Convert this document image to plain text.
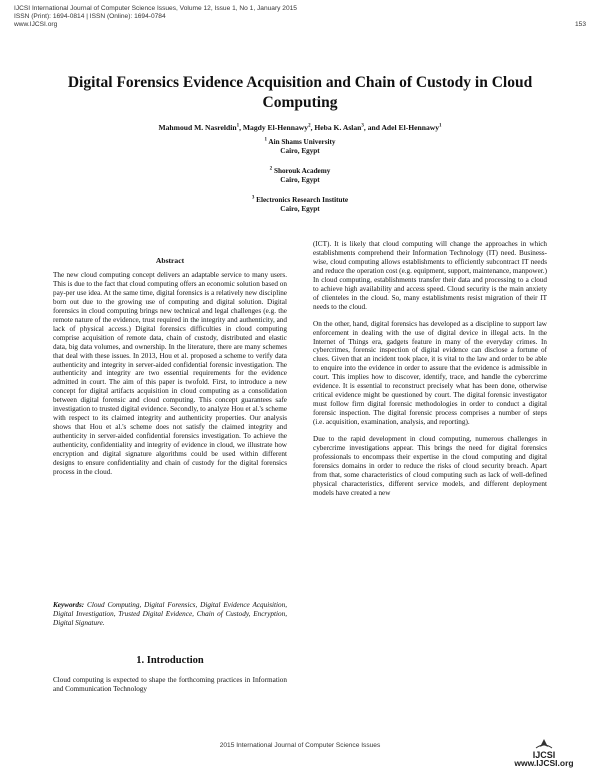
IJCSI International Journal of Computer Science Issues, Volume 12, Issue 1, No 1, January 2015
ISSN (Print): 1694-0814 | ISSN (Online): 1694-0784
www.IJCSI.org	153
Digital Forensics Evidence Acquisition and Chain of Custody in Cloud Computing
Mahmoud M. Nasreldin$^1$, Magdy El-Hennawy$^2$, Heba K. Aslan$^3$, and Adel El-Hennawy$^1$
$^1$ Ain Shams University
Cairo, Egypt
$^2$ Shorouk Academy
Cairo, Egypt
$^3$ Electronics Research Institute
Cairo, Egypt
Abstract

The new cloud computing concept delivers an adaptable service to many users. This is due to the fact that cloud computing offers an economic solution based on pay-per use idea. At the same time, digital forensics is a relatively new discipline born out due to the growing use of computing and digital solution. Digital forensics in cloud computing brings new technical and legal challenges (e.g. the remote nature of the evidence, trust required in the integrity and authenticity, and lack of physical access.) Digital forensics difficulties in cloud computing comprise acquisition of remote data, chain of custody, distributed and elastic data, big data volumes, and ownership. In the literature, there are many schemes that deal with these issues. In 2013, Hou et al. proposed a scheme to verify data authenticity and integrity in server-aided confidential forensic investigation. The authenticity and integrity are two essential requirements for the evidence admitted in court. The aim of this paper is twofold. First, to introduce a new concept for digital artifacts acquisition in cloud computing as a consolidation between digital forensic and cloud computing. This concept guarantees safe investigation to trusted digital evidence. Secondly, to analyze Hou et al.'s scheme with respect to its claimed integrity and authenticity properties. Our analysis shows that Hou et al.'s scheme does not satisfy the claimed integrity and authenticity in server-aided confidential forensics investigation. To achieve the authenticity, confidentiality and integrity of evidence in cloud, we illustrate how encryption and digital signature algorithms could be used within different designs to ensure confidentiality and chain of custody for the digital forensics process in the cloud.

Keywords: Cloud Computing, Digital Forensics, Digital Evidence Acquisition, Digital Investigation, Trusted Digital Evidence, Chain of Custody, Encryption, Digital Signature.
1. Introduction

Cloud computing is expected to shape the forthcoming practices in Information and Communication Technology

(ICT). It is likely that cloud computing will change the approaches in which establishments comprehend their Information Technology (IT) need. Business-wise, cloud computing allows establishments to efficiently subcontract IT needs and reduce the operation cost (e.g. equipment, support, maintenance, manpower.) In cloud computing, establishments transfer their data and processing to a cloud to achieve high availability and access speed. Cloud security is the main anxiety of clienteles in the cloud. So, many establishments resist migration of their IT needs to the cloud.

On the other, hand, digital forensics has developed as a discipline to support law enforcement in dealing with the use of digital device in illegal acts. In the Internet of Things era, gadgets feature in many of the everyday crimes. In cybercrimes, forensic inspection of digital evidence can disclose a fortune of clues. Given that an incident took place, it is vital to the law and order to be able to enquire into the evidence in order to assure that the evidence is admissible in court. This implies how to discover, identify, trace, and handle the cybercrime evidence. It is essential to reconstruct precisely what has been done, otherwise critical evidence might be questioned by court. The digital forensic investigator must follow firm digital forensic methodologies in order to conduct a digital forensic inspection. The digital forensic process comprises a number of steps (i.e. acquisition, examination, analysis, and reporting).

Due to the rapid development in cloud computing, numerous challenges in cybercrime investigations appear. This brings the need for digital forensics professionals to encompass their expertise in the cloud computing and digital forensics domains in order to reduce the risks of cloud security breach. Apart from that, some characteristics of cloud computing such as lack of well-defined physical characteristics, different service models, and different deployment models have created a new

2015 International Journal of Computer Science Issues
IJCSI
www.IJCSI.org
